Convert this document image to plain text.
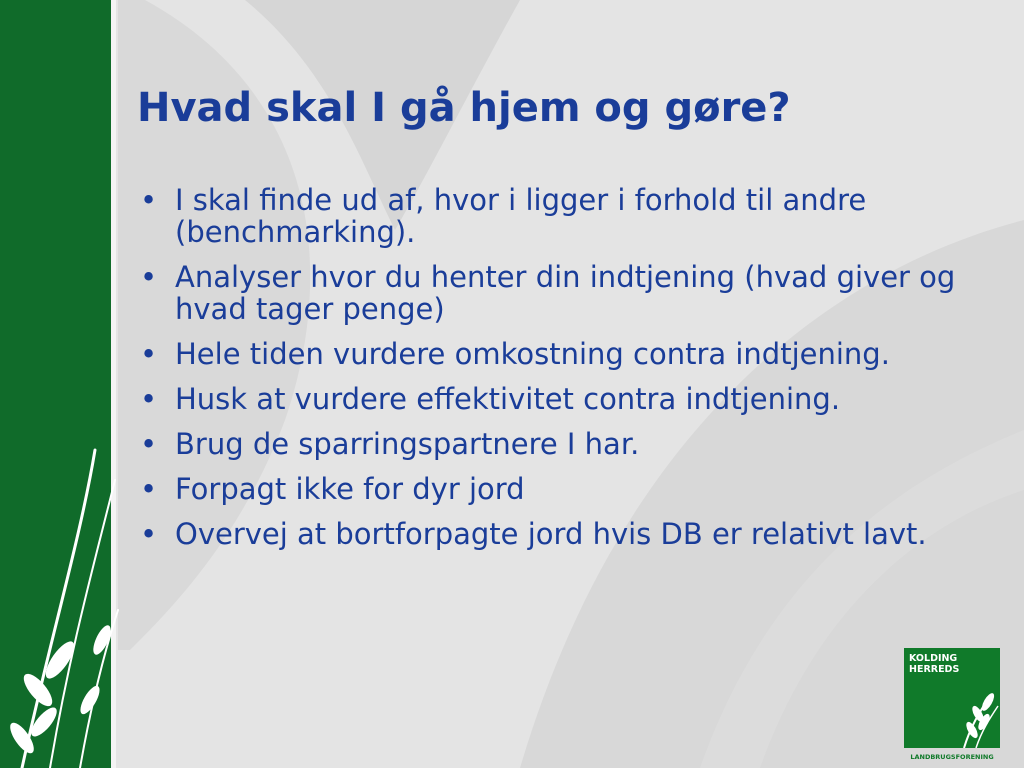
Hvad skal I gå hjem og gøre?
• I skal finde ud af, hvor i ligger i forhold til andre (benchmarking).
• Analyser hvor du henter din indtjening (hvad giver og hvad tager penge)
• Hele tiden vurdere omkostning contra indtjening.
• Husk at vurdere effektivitet contra indtjening.
• Brug de sparringspartnere I har.
• Forpagt ikke for dyr jord
• Overvej at bortforpagte jord hvis DB er relativt lavt.
KOLDING
HERREDS
LANDBRUGSFORENING
